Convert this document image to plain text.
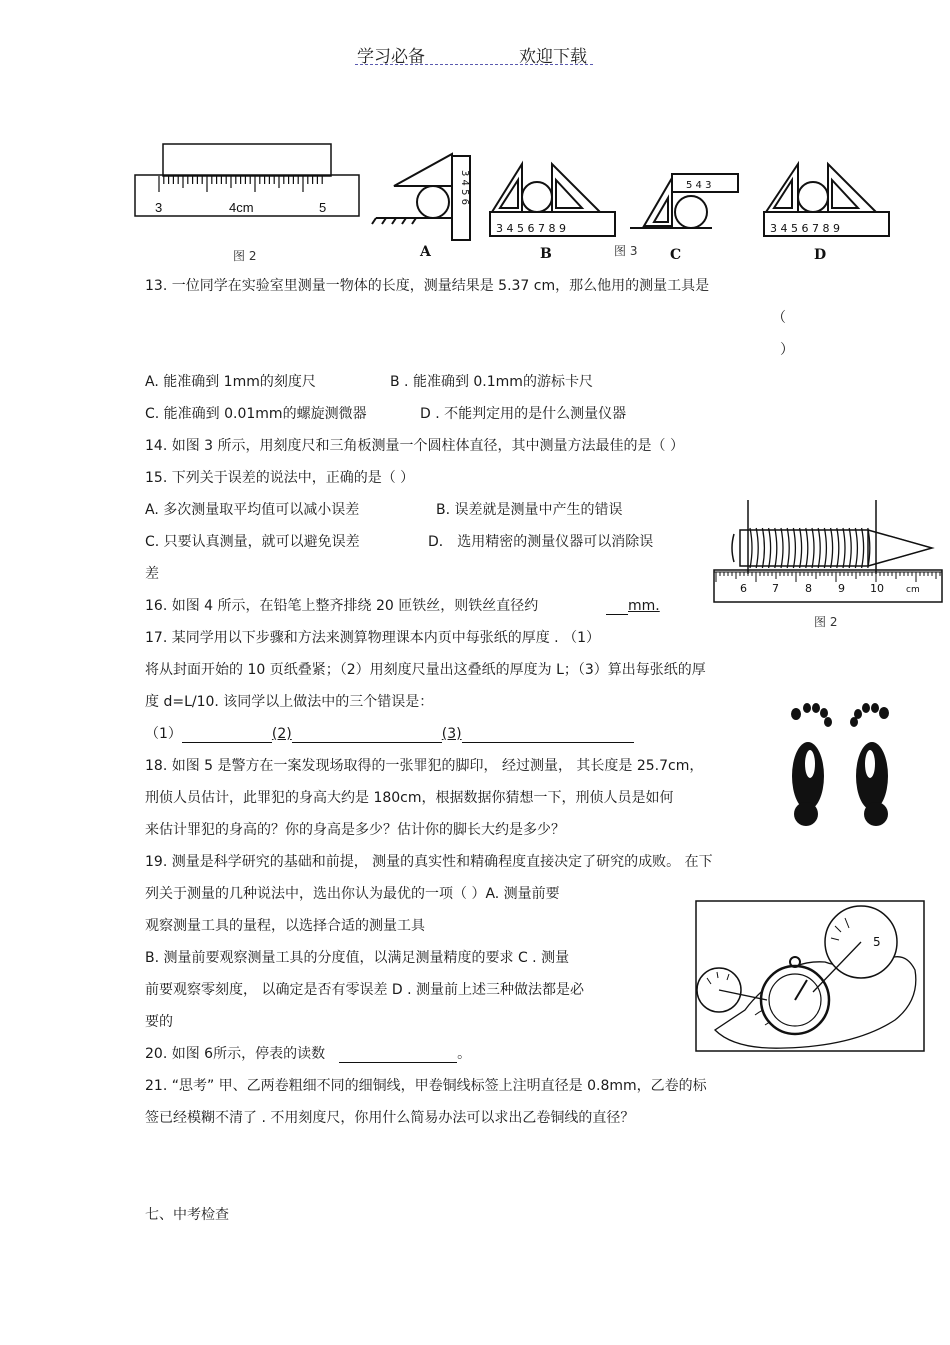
学习必备	欢迎下载
3	4cm	5
图 2
3 4 5 6
A
3 4 5 6 7 8 9
B
5 4 3
C
3 4 5 6 7 8 9
D
图 3
13. 一位同学在实验室里测量一物体的长度，测量结果是 5.37 cm，那么他用的测量工具是
（
）
A. 能准确到 1mm的刻度尺	B . 能准确到 0.1mm的游标卡尺
C. 能准确到 0.01mm的螺旋测微器	D . 不能判定用的是什么测量仪器
14. 如图 3 所示，用刻度尺和三角板测量一个圆柱体直径，其中测量方法最佳的是（ ）
15. 下列关于误差的说法中，正确的是（ ）
A. 多次测量取平均值可以减小误差	B. 误差就是测量中产生的错误
C. 只要认真测量，就可以避免误差	D． 选用精密的测量仪器可以消除误
差
6 7 8 9 10 cm
图 2
16. 如图 4 所示，在铅笔上整齐排绕 20 匝铁丝，则铁丝直径约	mm.
17. 某同学用以下步骤和方法来测算物理课本内页中每张纸的厚度 . （1）
将从封面开始的 10 页纸叠紧；（2）用刻度尺量出这叠纸的厚度为 L；（3）算出每张纸的厚
度 d=L/10. 该同学以上做法中的三个错误是：
（1）	(2)	(3)
18. 如图 5 是警方在一案发现场取得的一张罪犯的脚印， 经过测量， 其长度是 25.7cm，
刑侦人员估计，此罪犯的身高大约是 180cm，根据数据你猜想一下，刑侦人员是如何
来估计罪犯的身高的？你的身高是多少？估计你的脚长大约是多少？
19. 测量是科学研究的基础和前提， 测量的真实性和精确程度直接决定了研究的成败。 在下
列关于测量的几种说法中，选出你认为最优的一项（ ）A. 测量前要
观察测量工具的量程，以选择合适的测量工具
B. 测量前要观察测量工具的分度值，以满足测量精度的要求 C . 测量
前要观察零刻度， 以确定是否有零误差 D . 测量前上述三种做法都是必
要的
5
20. 如图 6所示，停表的读数	。
21. “思考” 甲、乙两卷粗细不同的细铜线，甲卷铜线标签上注明直径是 0.8mm，乙卷的标
签已经模糊不清了 . 不用刻度尺，你用什么简易办法可以求出乙卷铜线的直径？
七、中考检查
